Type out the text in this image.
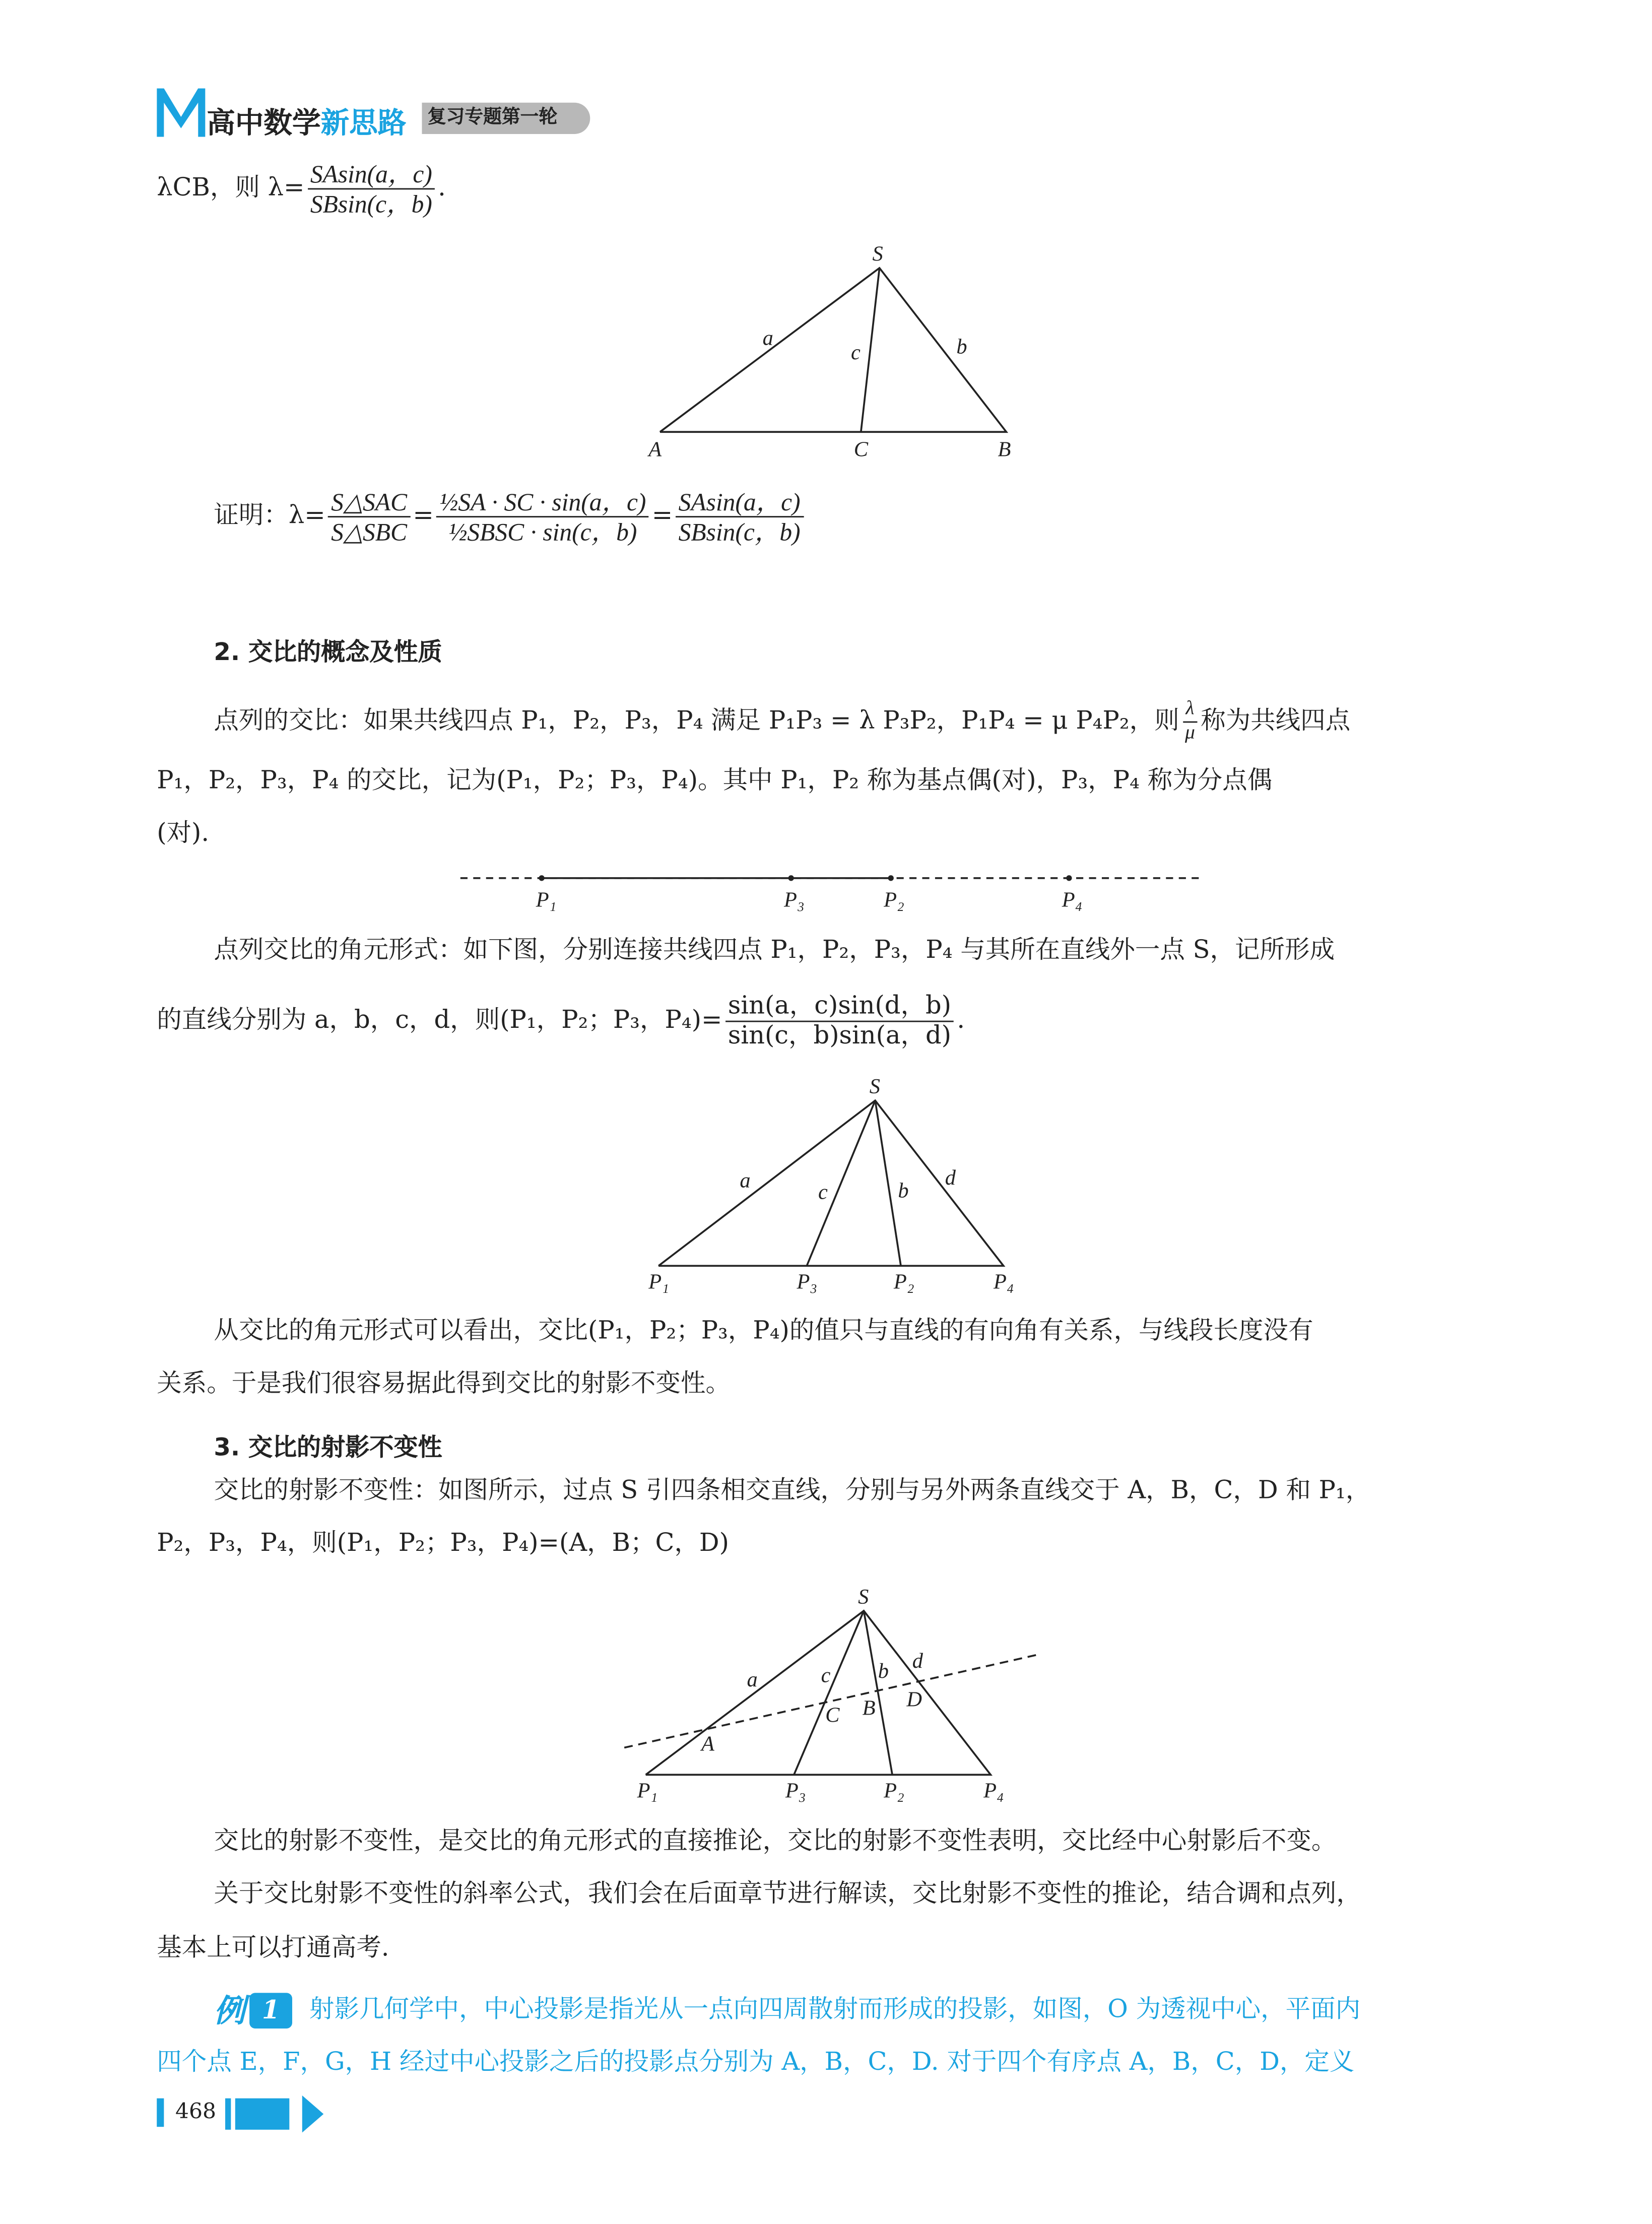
高中数学新思路	复习专题第一轮
λCB，则 $\lambda= \frac{SAsin(a,c)}{SBsin(c,b)}$ .
S
a
c	b
A	C	B
P₁	P₃	P₂	P₄
S
a	c	b
d
P₁	P₃	P₂	P₄
S
a	c	b	d
A
C	B	D
P₁	P₃	P₂	P₄
证明：$\lambda= \frac{\text{S△SAC}}{\text{S△SBC}} = \frac{\text{½SA · SC · sin(a，c)}}{\text{½SBSC · sin(c，b)}} = \frac{SAsin(a,c)}{SBsin(c,b)}$
2. 交比的概念及性质
点列的交比：如果共线四点 P₁，P₂，P₃，P₄ 满足 P₁P₃ = λ P₃P₂，P₁P₄ = μ P₄P₂，则 $\frac{\lambda}{\mu}$ 称为共线四点
P₁，P₂，P₃，P₄ 的交比，记为(P₁，P₂；P₃，P₄)。其中 P₁，P₂ 称为基点偶(对)，P₃，P₄ 称为分点偶
(对).
点列交比的角元形式：如下图，分别连接共线四点 P₁，P₂，P₃，P₄ 与其所在直线外一点 S，记所形成
的直线分别为 a，b，c，d，则(P₁，P₂；P₃，$P_4)= \frac{\sin(a,c)\sin(d,b)}{\sin(c,b)\sin(a,d)}$ .
从交比的角元形式可以看出，交比(P₁，P₂；P₃，P₄)的值只与直线的有向角有关系，与线段长度没有
关系。于是我们很容易据此得到交比的射影不变性。
3. 交比的射影不变性
交比的射影不变性：如图所示，过点 S 引四条相交直线，分别与另外两条直线交于 A，B，C，D 和 P₁，
P₂，P₃，P₄，则(P₁，P₂；P₃，P₄)=(A，B；C，D)
交比的射影不变性，是交比的角元形式的直接推论，交比的射影不变性表明，交比经中心射影后不变。
关于交比射影不变性的斜率公式，我们会在后面章节进行解读，交比射影不变性的推论，结合调和点列，
基本上可以打通高考.
例	1	射影几何学中，中心投影是指光从一点向四周散射而形成的投影，如图，O 为透视中心，平面内
四个点 E，F，G，H 经过中心投影之后的投影点分别为 A，B，C，D. 对于四个有序点 A，B，C，D，定义
468
